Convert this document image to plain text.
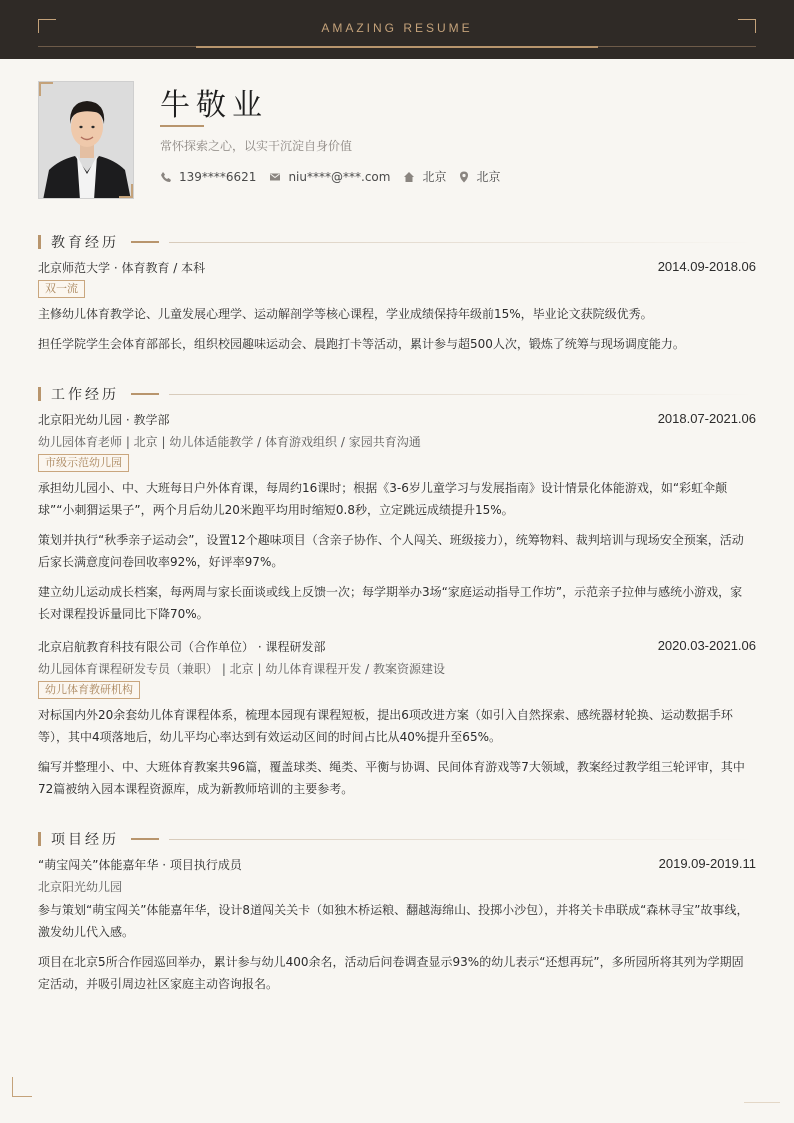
AMAZING RESUME
牛敬业
常怀探索之心，以实干沉淀自身价值
139****6621	niu****@***.com	北京	北京
教育经历
北京师范大学 · 体育教育 / 本科	2014.09-2018.06
双一流
主修幼儿体育教学论、儿童发展心理学、运动解剖学等核心课程，学业成绩保持年级前15%，毕业论文获院级优秀。
担任学院学生会体育部部长，组织校园趣味运动会、晨跑打卡等活动，累计参与超500人次，锻炼了统筹与现场调度能力。
工作经历
北京阳光幼儿园 · 教学部	2018.07-2021.06
幼儿园体育老师 | 北京 | 幼儿体适能教学 / 体育游戏组织 / 家园共育沟通
市级示范幼儿园
承担幼儿园小、中、大班每日户外体育课，每周约16课时；根据《3-6岁儿童学习与发展指南》设计情景化体能游戏，如“彩虹伞颠球”“小刺猬运果子”，两个月后幼儿20米跑平均用时缩短0.8秒，立定跳远成绩提升15%。
策划并执行“秋季亲子运动会”，设置12个趣味项目（含亲子协作、个人闯关、班级接力），统筹物料、裁判培训与现场安全预案，活动后家长满意度问卷回收率92%，好评率97%。
建立幼儿运动成长档案，每两周与家长面谈或线上反馈一次；每学期举办3场“家庭运动指导工作坊”，示范亲子拉伸与感统小游戏，家长对课程投诉量同比下降70%。
北京启航教育科技有限公司（合作单位） · 课程研发部	2020.03-2021.06
幼儿园体育课程研发专员（兼职） | 北京 | 幼儿体育课程开发 / 教案资源建设
幼儿体育教研机构
对标国内外20余套幼儿体育课程体系，梳理本园现有课程短板，提出6项改进方案（如引入自然探索、感统器材轮换、运动数据手环等），其中4项落地后，幼儿平均心率达到有效运动区间的时间占比从40%提升至65%。
编写并整理小、中、大班体育教案共96篇，覆盖球类、绳类、平衡与协调、民间体育游戏等7大领域，教案经过教学组三轮评审，其中72篇被纳入园本课程资源库，成为新教师培训的主要参考。
项目经历
“萌宝闯关”体能嘉年华 · 项目执行成员	2019.09-2019.11
北京阳光幼儿园
参与策划“萌宝闯关”体能嘉年华，设计8道闯关关卡（如独木桥运粮、翻越海绵山、投掷小沙包），并将关卡串联成“森林寻宝”故事线，激发幼儿代入感。
项目在北京5所合作园巡回举办，累计参与幼儿400余名，活动后问卷调查显示93%的幼儿表示“还想再玩”，多所园所将其列为学期固定活动，并吸引周边社区家庭主动咨询报名。
